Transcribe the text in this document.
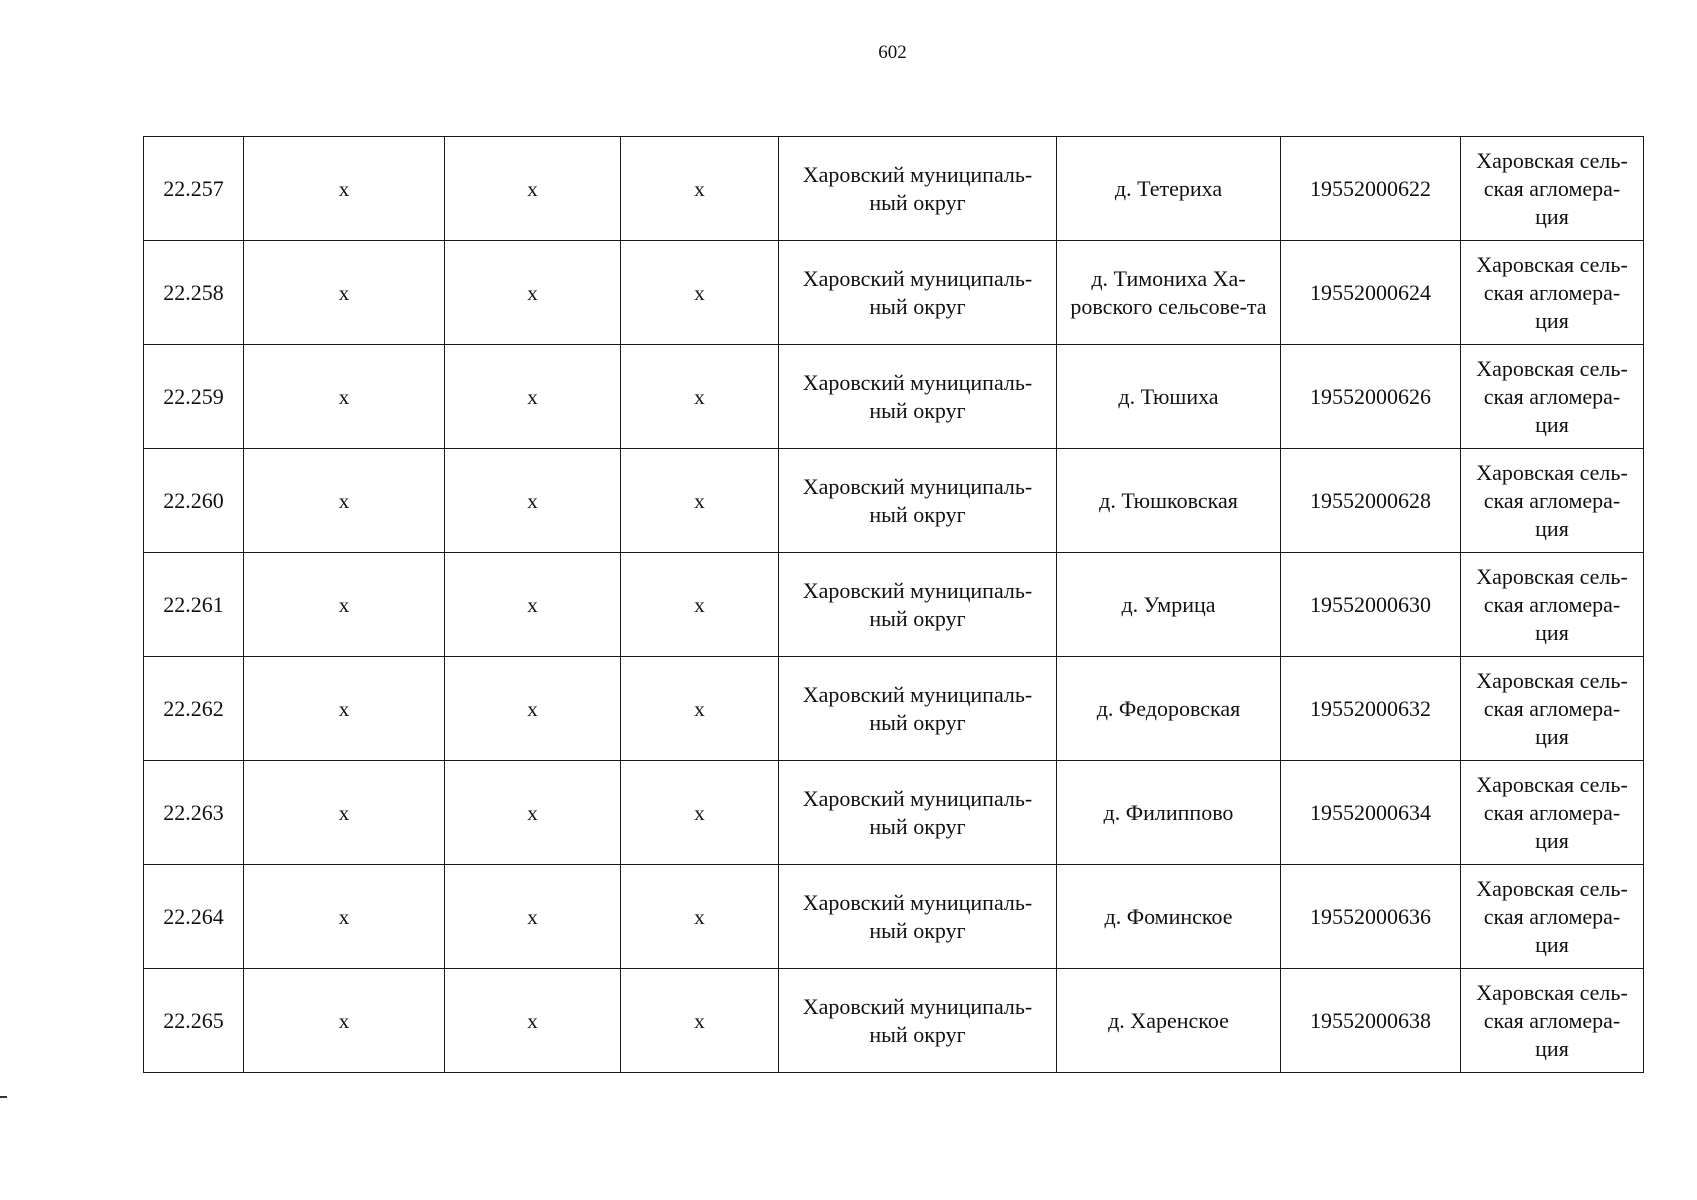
602
22.257	х	х	х	Харовский муниципаль-ный округ	д. Тетериха	19552000622	Харовская сель-ская агломера-ция
22.258	х	х	х	Харовский муниципаль-ный округ	д. Тимониха Ха-ровского сельсове-та	19552000624	Харовская сель-ская агломера-ция
22.259	х	х	х	Харовский муниципаль-ный округ	д. Тюшиха	19552000626	Харовская сель-ская агломера-ция
22.260	х	х	х	Харовский муниципаль-ный округ	д. Тюшковская	19552000628	Харовская сель-ская агломера-ция
22.261	х	х	х	Харовский муниципаль-ный округ	д. Умрица	19552000630	Харовская сель-ская агломера-ция
22.262	х	х	х	Харовский муниципаль-ный округ	д. Федоровская	19552000632	Харовская сель-ская агломера-ция
22.263	х	х	х	Харовский муниципаль-ный округ	д. Филиппово	19552000634	Харовская сель-ская агломера-ция
22.264	х	х	х	Харовский муниципаль-ный округ	д. Фоминское	19552000636	Харовская сель-ская агломера-ция
22.265	х	х	х	Харовский муниципаль-ный округ	д. Харенское	19552000638	Харовская сель-ская агломера-ция
